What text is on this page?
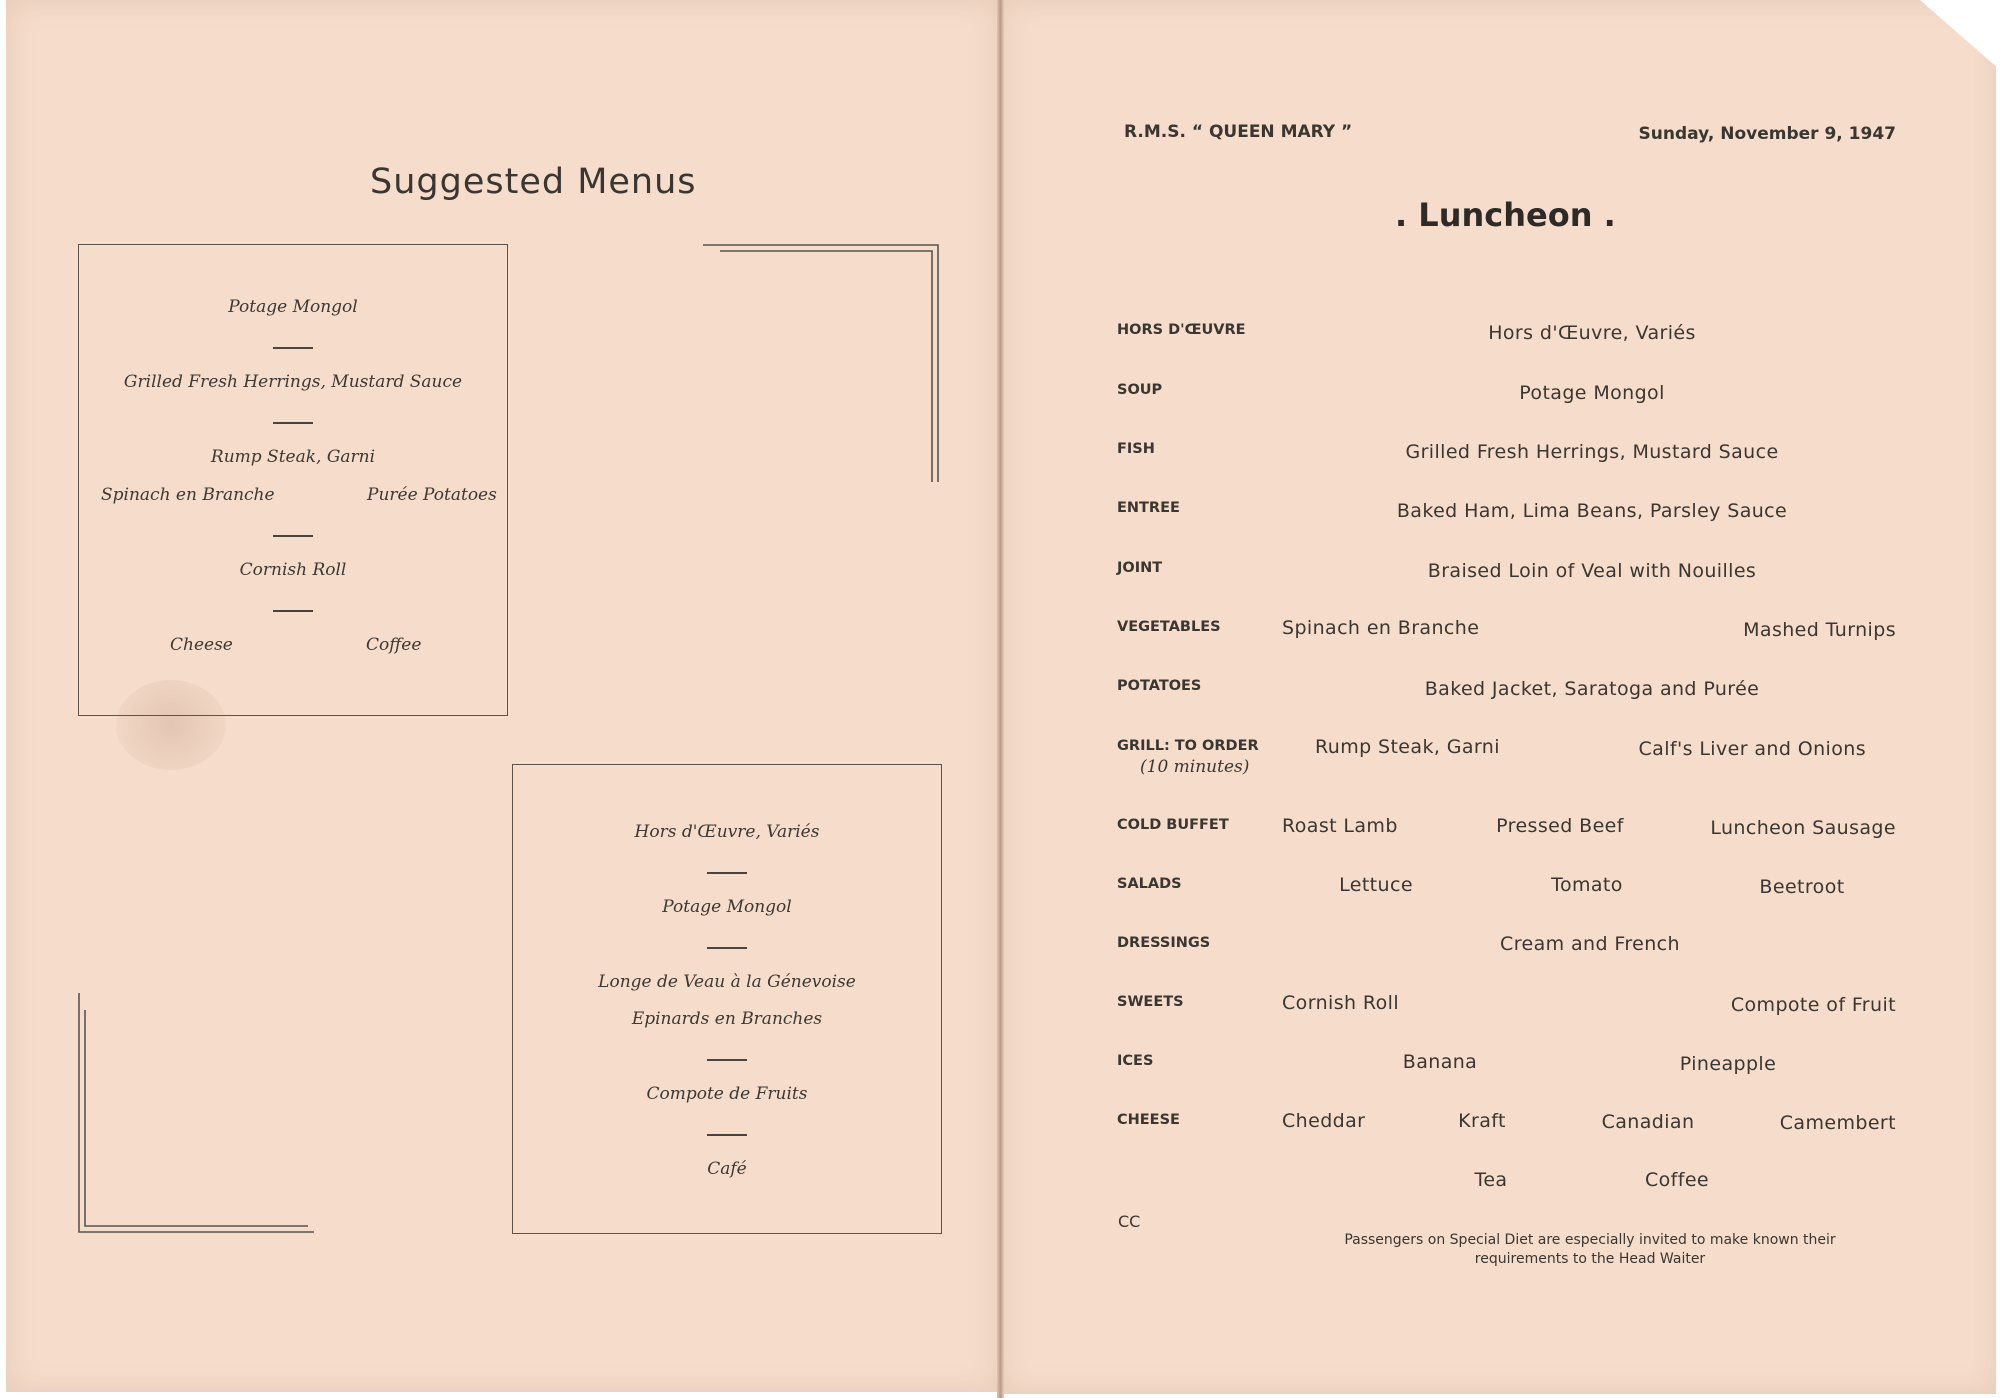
Suggested Menus
Potage Mongol
Grilled Fresh Herrings, Mustard Sauce
Rump Steak, Garni
Spinach en Branche	Purée Potatoes
Cornish Roll
Cheese	Coffee
Hors d'Œuvre, Variés
Potage Mongol
Longe de Veau à la Génevoise
Epinards en Branches
Compote de Fruits
Café
R.M.S. “ QUEEN MARY ”	Sunday, November 9, 1947
. Luncheon .
HORS D'ŒUVRE	Hors d'Œuvre, Variés
SOUP	Potage Mongol
FISH	Grilled Fresh Herrings, Mustard Sauce
ENTREE	Baked Ham, Lima Beans, Parsley Sauce
JOINT	Braised Loin of Veal with Nouilles
VEGETABLES	Spinach en Branche	Mashed Turnips
POTATOES	Baked Jacket, Saratoga and Purée
GRILL: TO ORDER
(10 minutes)
Rump Steak, Garni	Calf's Liver and Onions
COLD BUFFET	Roast Lamb	Pressed Beef	Luncheon Sausage
SALADS	Lettuce	Tomato	Beetroot
DRESSINGS	Cream and French
SWEETS	Cornish Roll	Compote of Fruit
ICES	Banana	Pineapple
CHEESE	Cheddar	Kraft	Canadian	Camembert
Tea	Coffee
CC
Passengers on Special Diet are especially invited to make known their
requirements to the Head Waiter
